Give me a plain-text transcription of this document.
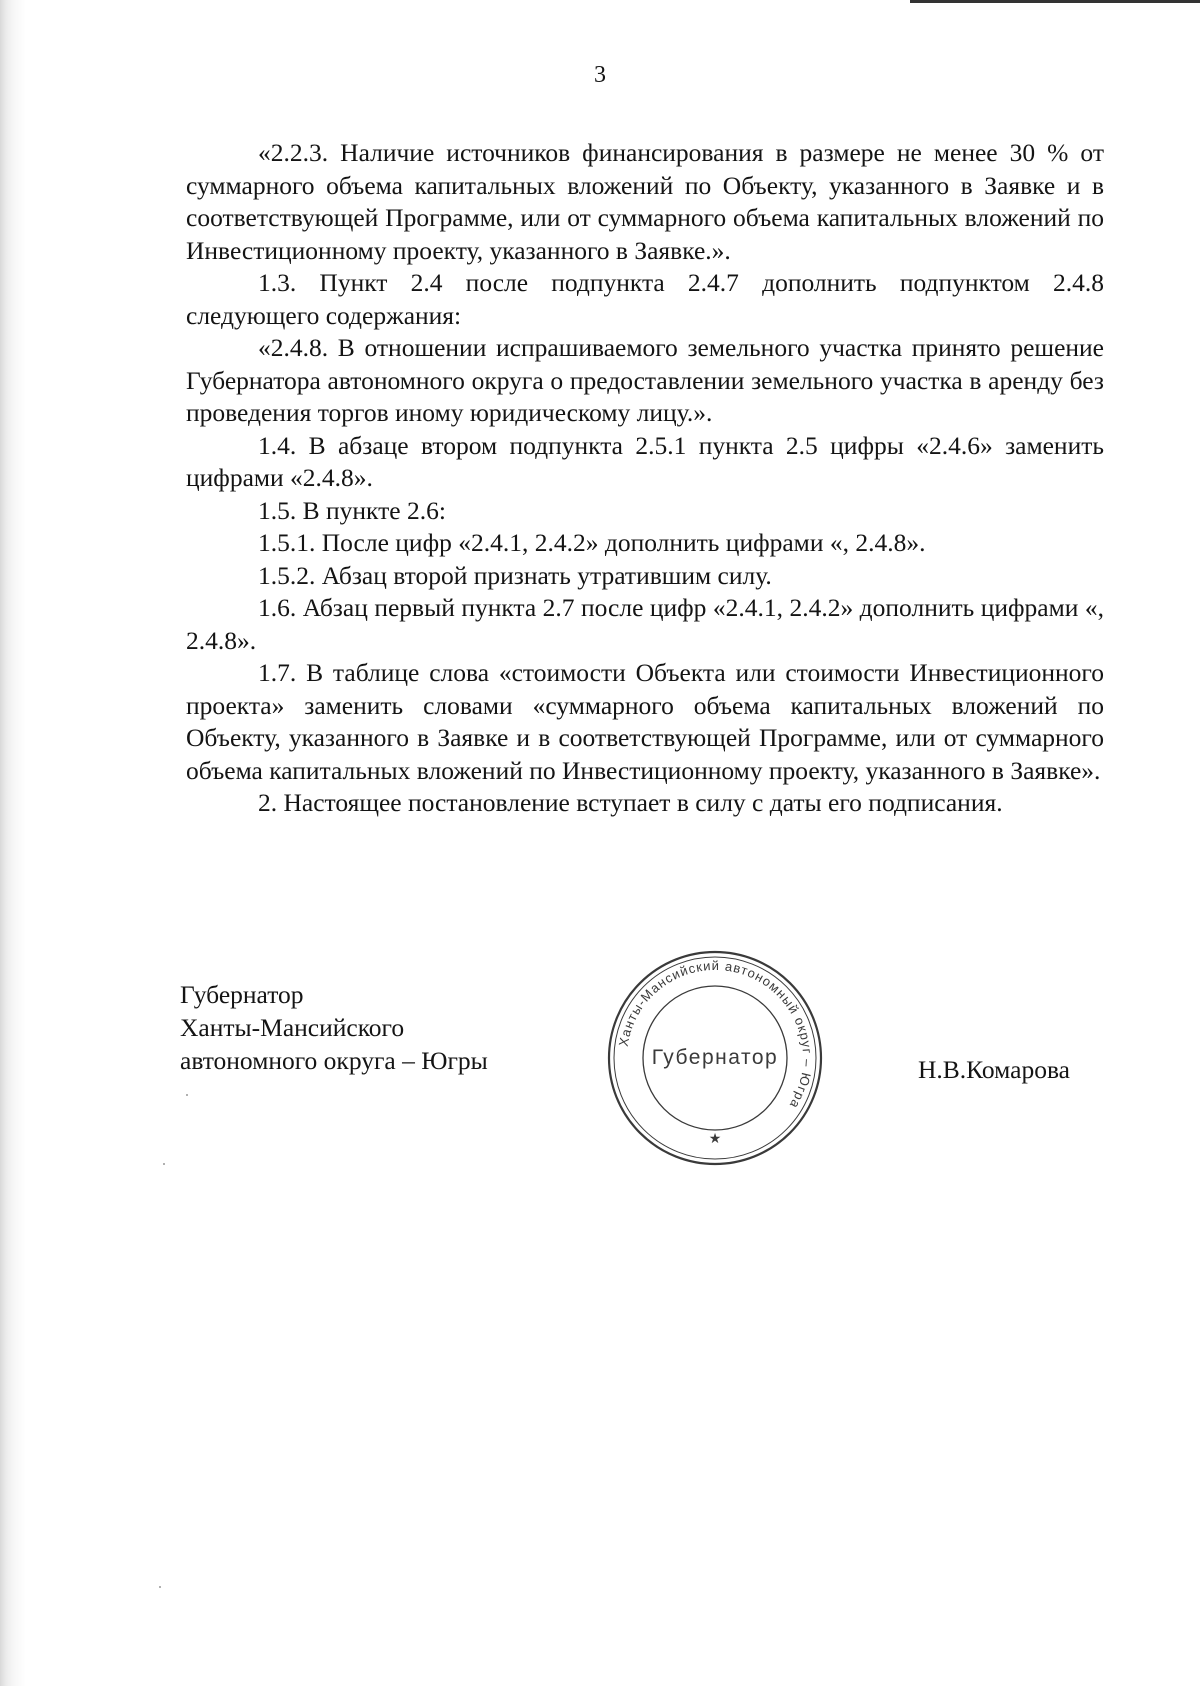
3

«2.2.3. Наличие источников финансирования в размере не менее 30 % от суммарного объема капитальных вложений по Объекту, указанного в Заявке и в соответствующей Программе, или от суммарного объема капитальных вложений по Инвестиционному проекту, указанного в Заявке.».

1.3. Пункт 2.4 после подпункта 2.4.7 дополнить подпунктом 2.4.8 следующего содержания:

«2.4.8. В отношении испрашиваемого земельного участка принято решение Губернатора автономного округа о предоставлении земельного участка в аренду без проведения торгов иному юридическому лицу.».

1.4. В абзаце втором подпункта 2.5.1 пункта 2.5 цифры «2.4.6» заменить цифрами «2.4.8».

1.5. В пункте 2.6:

1.5.1. После цифр «2.4.1, 2.4.2» дополнить цифрами «, 2.4.8».

1.5.2. Абзац второй признать утратившим силу.

1.6. Абзац первый пункта 2.7 после цифр «2.4.1, 2.4.2» дополнить цифрами «, 2.4.8».

1.7. В таблице слова «стоимости Объекта или стоимости Инвестиционного проекта» заменить словами «суммарного объема капитальных вложений по Объекту, указанного в Заявке и в соответствующей Программе, или от суммарного объема капитальных вложений по Инвестиционному проекту, указанного в Заявке».

2. Настоящее постановление вступает в силу с даты его подписания.

Губернатор
Ханты-Мансийского
автономного округа – Югры
Ханты-Мансийский автономный округ – Югра
Губернатор
★
Н.В.Комарова
